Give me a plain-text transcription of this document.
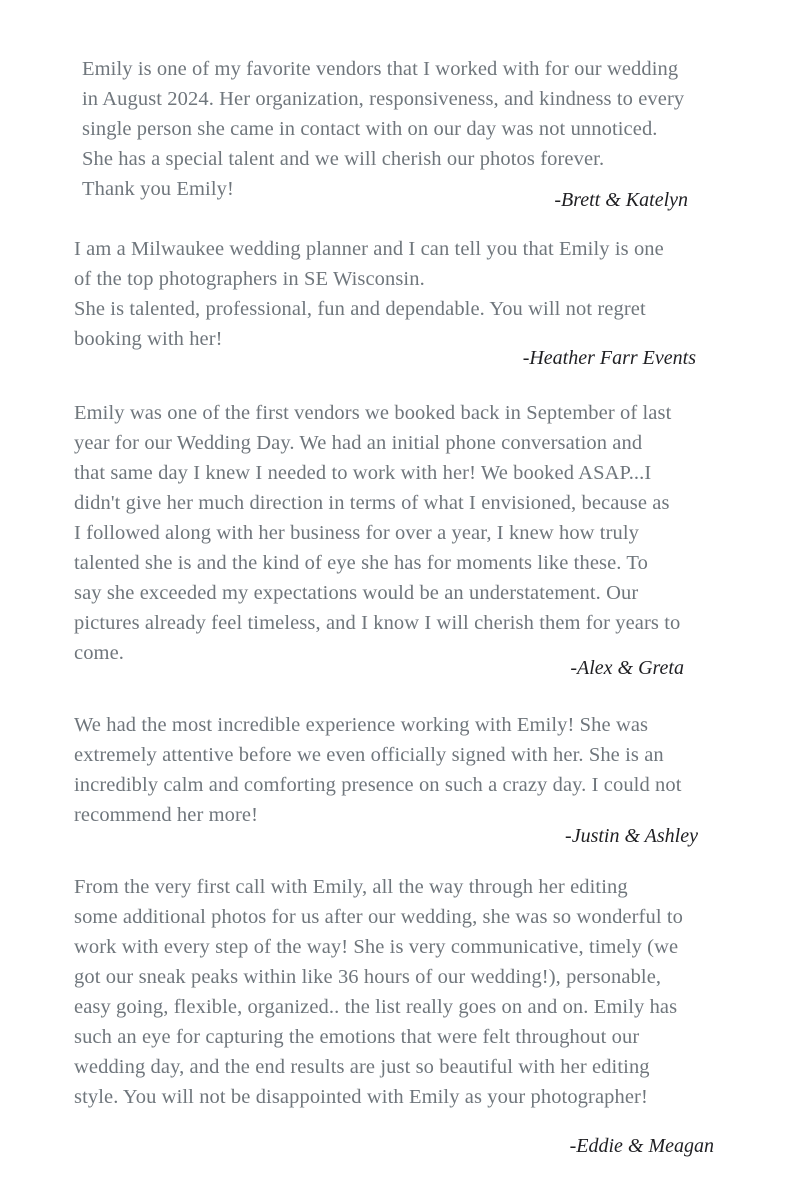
Emily is one of my favorite vendors that I worked with for our wedding
in August 2024. Her organization, responsiveness, and kindness to every
single person she came in contact with on our day was not unnoticed.
She has a special talent and we will cherish our photos forever.
Thank you Emily!	-Brett & Katelyn

I am a Milwaukee wedding planner and I can tell you that Emily is one
of the top photographers in SE Wisconsin.
She is talented, professional, fun and dependable. You will not regret
booking with her!

-Heather Farr Events

Emily was one of the first vendors we booked back in September of last
year for our Wedding Day. We had an initial phone conversation and
that same day I knew I needed to work with her! We booked ASAP...I
didn't give her much direction in terms of what I envisioned, because as
I followed along with her business for over a year, I knew how truly
talented she is and the kind of eye she has for moments like these. To
say she exceeded my expectations would be an understatement. Our
pictures already feel timeless, and I know I will cherish them for years to
come.

-Alex & Greta

We had the most incredible experience working with Emily! She was
extremely attentive before we even officially signed with her. She is an
incredibly calm and comforting presence on such a crazy day. I could not
recommend her more!

-Justin & Ashley

From the very first call with Emily, all the way through her editing
some additional photos for us after our wedding, she was so wonderful to
work with every step of the way! She is very communicative, timely (we
got our sneak peaks within like 36 hours of our wedding!), personable,
easy going, flexible, organized.. the list really goes on and on. Emily has
such an eye for capturing the emotions that were felt throughout our
wedding day, and the end results are just so beautiful with her editing
style. You will not be disappointed with Emily as your photographer!

-Eddie & Meagan
